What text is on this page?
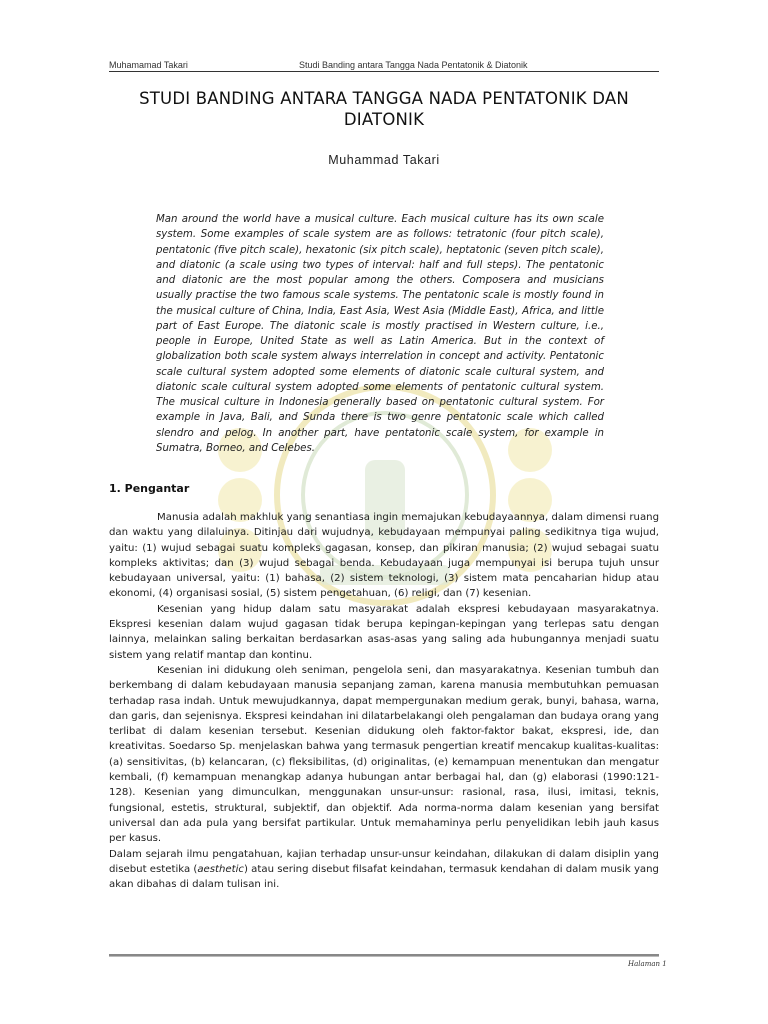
Muhamamad Takari	Studi Banding antara Tangga Nada Pentatonik & Diatonik
STUDI BANDING ANTARA TANGGA NADA PENTATONIK DAN DIATONIK
Muhammad Takari
Man around the world have a musical culture. Each musical culture has its own scale system. Some examples of scale system are as follows: tetratonic (four pitch scale), pentatonic (five pitch scale), hexatonic (six pitch scale), heptatonic (seven pitch scale), and diatonic (a scale using two types of interval: half and full steps). The pentatonic and diatonic are the most popular among the others. Composera and musicians usually practise the two famous scale systems. The pentatonic scale is mostly found in the musical culture of China, India, East Asia, West Asia (Middle East), Africa, and little part of East Europe. The diatonic scale is mostly practised in Western culture, i.e., people in Europe, United State as well as Latin America. But in the context of globalization both scale system always interrelation in concept and activity. Pentatonic scale cultural system adopted some elements of diatonic scale cultural system, and diatonic scale cultural system adopted some elements of pentatonic cultural system. The musical culture in Indonesia generally based on pentatonic cultural system. For example in Java, Bali, and Sunda there is two genre pentatonic scale which called slendro and pelog. In another part, have pentatonic scale system, for example in Sumatra, Borneo, and Celebes.
1. Pengantar

Manusia adalah makhluk yang senantiasa ingin memajukan kebudayaannya, dalam dimensi ruang dan waktu yang dilaluinya. Ditinjau dari wujudnya, kebudayaan mempunyai paling sedikitnya tiga wujud, yaitu: (1) wujud sebagai suatu kompleks gagasan, konsep, dan pikiran manusia; (2) wujud sebagai suatu kompleks aktivitas; dan (3) wujud sebagai benda. Kebudayaan juga mempunyai isi berupa tujuh unsur kebudayaan universal, yaitu: (1) bahasa, (2) sistem teknologi, (3) sistem mata pencaharian hidup atau ekonomi, (4) organisasi sosial, (5) sistem pengetahuan, (6) religi, dan (7) kesenian.

Kesenian yang hidup dalam satu masyarakat adalah ekspresi kebudayaan masyarakatnya. Ekspresi kesenian dalam wujud gagasan tidak berupa kepingan-kepingan yang terlepas satu dengan lainnya, melainkan saling berkaitan berdasarkan asas-asas yang saling ada hubungannya menjadi suatu sistem yang relatif mantap dan kontinu.

Kesenian ini didukung oleh seniman, pengelola seni, dan masyarakatnya. Kesenian tumbuh dan berkembang di dalam kebudayaan manusia sepanjang zaman, karena manusia membutuhkan pemuasan terhadap rasa indah. Untuk mewujudkannya, dapat mempergunakan medium gerak, bunyi, bahasa, warna, dan garis, dan sejenisnya. Ekspresi keindahan ini dilatarbelakangi oleh pengalaman dan budaya orang yang terlibat di dalam kesenian tersebut. Kesenian didukung oleh faktor-faktor bakat, ekspresi, ide, dan kreativitas. Soedarso Sp. menjelaskan bahwa yang termasuk pengertian kreatif mencakup kualitas-kualitas: (a) sensitivitas, (b) kelancaran, (c) fleksibilitas, (d) originalitas, (e) kemampuan menentukan dan mengatur kembali, (f) kemampuan menangkap adanya hubungan antar berbagai hal, dan (g) elaborasi (1990:121-128). Kesenian yang dimunculkan, menggunakan unsur-unsur: rasional, rasa, ilusi, imitasi, teknis, fungsional, estetis, struktural, subjektif, dan objektif. Ada norma-norma dalam kesenian yang bersifat universal dan ada pula yang bersifat partikular. Untuk memahaminya perlu penyelidikan lebih jauh kasus per kasus.

Dalam sejarah ilmu pengatahuan, kajian terhadap unsur-unsur keindahan, dilakukan di dalam disiplin yang disebut estetika (aesthetic) atau sering disebut filsafat keindahan, termasuk kendahan di dalam musik yang akan dibahas di dalam tulisan ini.

Halaman 1
